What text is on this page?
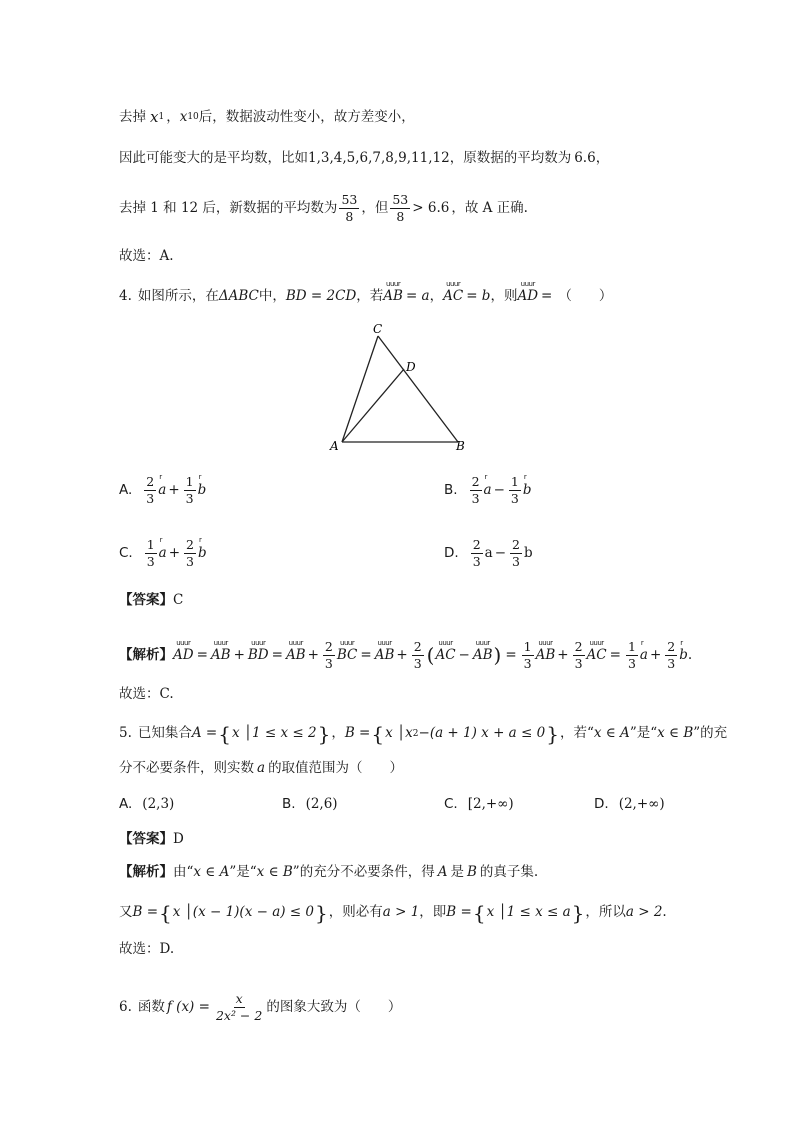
去掉 x 1 ， x 10 后，数据波动性变小，故方差变小，
因此可能变大的是平均数，比如 1,3,4,5,6,7,8,9,11,12 ，原数据的平均数为 6.6 ，
去掉 1 和 12 后，新数据的平均数为 $\frac{53}{8}$ ，但 $\frac{53}{8} > 6.6$ ，故 A 正确.
故选：A.
4. 如图所示，在 ΔABC 中， BD = 2CD ，若 uuur AB = a ， uuur AC = b ，则 uuur AD = （　　）
A	B
C
D
A. $\frac{2}{3}$ r $a + \frac{1}{3}$ r b	B. $\frac{2}{3}$ r $a - \frac{1}{3}$ r b
C. $\frac{1}{3}$ r $a + \frac{2}{3}$ r b	D. $\frac{2}{3}$ $a - \frac{2}{3}$ b
【答案】 C
【解析】 uuur AD = uuur AB + uuur BD = uuur AB + $\frac{2}{3}$ uuur BC = uuur AB + $\frac{2}{3}$ ( uuur AC − uuur AB ) = $\frac{1}{3}$ uuur AB + $\frac{2}{3}$ uuur AC = $\frac{1}{3}$ r $a + \frac{2}{3}$ r b .
故选：C.
5. 已知集合 A = { x │1 ≤ x ≤ 2 } ， B = { x │x 2 − (a + 1) x + a ≤ 0 } ，若“ x ∈ A ”是“ x ∈ B ”的充
分不必要条件，则实数 a 的取值范围为（　　）
A. (2,3)	B. (2,6)	C. [2,+∞)	D. (2,+∞)
【答案】 D
【解析】 由“ x ∈ A ”是“ x ∈ B ”的充分不必要条件，得 A 是 B 的真子集.
又 B = { x │(x − 1)(x − a) ≤ 0 } ，则必有 a > 1 ，即 B = { x │1 ≤ x ≤ a } ，所以 a > 2 .
故选：D.
6. 函数 f $(x) = \frac{x}{\text{2x² − 2}}$ 的图象大致为（　　）
